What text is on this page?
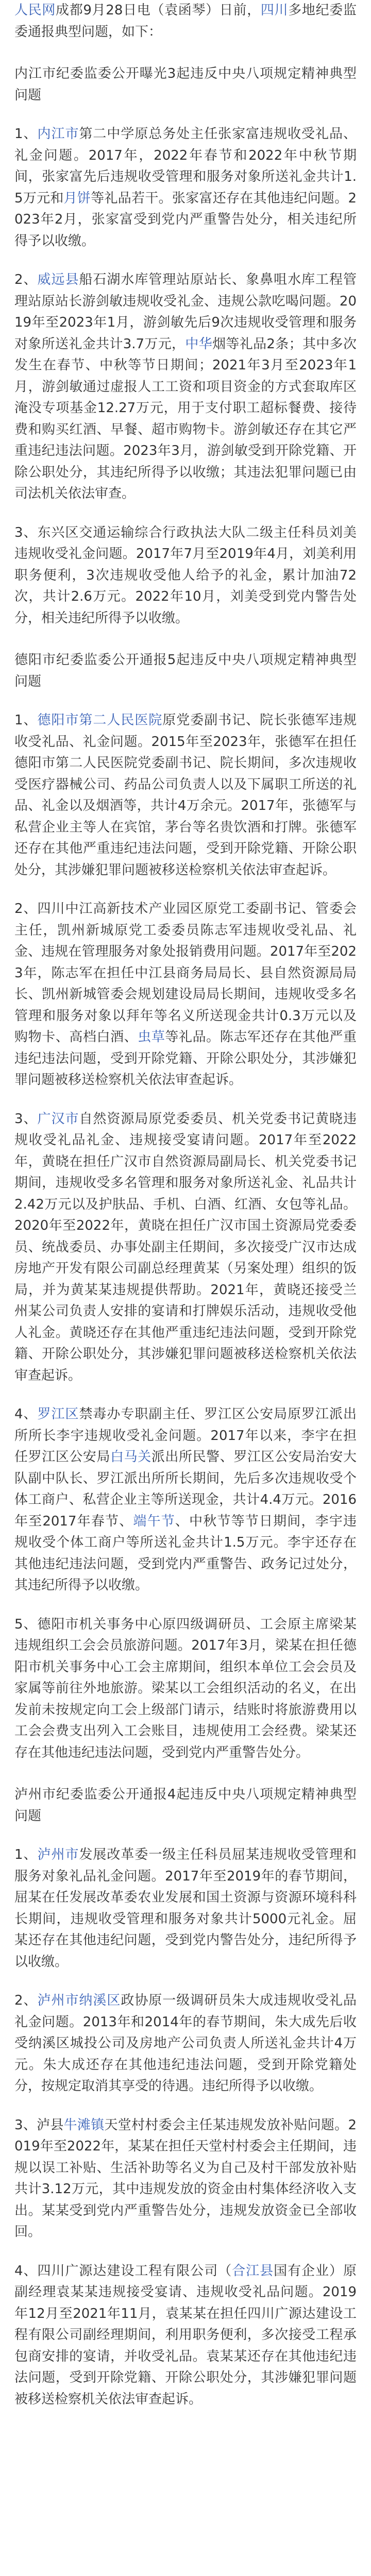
人民网成都9月28日电（袁函琴）日前，四川多地纪委监委通报典型问题，如下：

内江市纪委监委公开曝光3起违反中央八项规定精神典型问题

1、内江市第二中学原总务处主任张家富违规收受礼品、礼金问题。2017年，2022年春节和2022年中秋节期间，张家富先后违规收受管理和服务对象所送礼金共计1.5万元和月饼等礼品若干。张家富还存在其他违纪问题。2023年2月，张家富受到党内严重警告处分，相关违纪所得予以收缴。

2、威远县船石湖水库管理站原站长、象鼻咀水库工程管理站原站长游剑敏违规收受礼金、违规公款吃喝问题。2019年至2023年1月，游剑敏先后9次违规收受管理和服务对象所送礼金共计3.7万元，中华烟等礼品2条；其中多次发生在春节、中秋等节日期间；2021年3月至2023年1月，游剑敏通过虚报人工工资和项目资金的方式套取库区淹没专项基金12.27万元，用于支付职工超标餐费、接待费和购买红酒、早餐、超市购物卡。游剑敏还存在其它严重违纪违法问题。2023年3月，游剑敏受到开除党籍、开除公职处分，其违纪所得予以收缴；其违法犯罪问题已由司法机关依法审查。

3、东兴区交通运输综合行政执法大队二级主任科员刘美违规收受礼金问题。2017年7月至2019年4月，刘美利用职务便利，3次违规收受他人给予的礼金，累计加油72次，共计2.6万元。2022年10月，刘美受到党内警告处分，相关违纪所得予以收缴。

德阳市纪委监委公开通报5起违反中央八项规定精神典型问题

1、德阳市第二人民医院原党委副书记、院长张德军违规收受礼品、礼金问题。2015年至2023年，张德军在担任德阳市第二人民医院党委副书记、院长期间，多次违规收受医疗器械公司、药品公司负责人以及下属职工所送的礼品、礼金以及烟酒等，共计4万余元。2017年，张德军与私营企业主等人在宾馆，茅台等名贵饮酒和打牌。张德军还存在其他严重违纪违法问题，受到开除党籍、开除公职处分，其涉嫌犯罪问题被移送检察机关依法审查起诉。

2、四川中江高新技术产业园区原党工委副书记、管委会主任，凯州新城原党工委委员陈志军违规收受礼品、礼金、违规在管理服务对象处报销费用问题。2017年至2023年，陈志军在担任中江县商务局局长、县自然资源局局长、凯州新城管委会规划建设局局长期间，违规收受多名管理和服务对象以拜年等名义所送现金共计0.3万元以及购物卡、高档白酒、虫草等礼品。陈志军还存在其他严重违纪违法问题，受到开除党籍、开除公职处分，其涉嫌犯罪问题被移送检察机关依法审查起诉。

3、广汉市自然资源局原党委委员、机关党委书记黄晓违规收受礼品礼金、违规接受宴请问题。2017年至2022年，黄晓在担任广汉市自然资源局副局长、机关党委书记期间，违规收受多名管理和服务对象所送礼金、礼品共计2.42万元以及护肤品、手机、白酒、红酒、女包等礼品。2020年至2022年，黄晓在担任广汉市国土资源局党委委员、统战委员、办事处副主任期间，多次接受广汉市达成房地产开发有限公司副总经理黄某（另案处理）组织的饭局，并为黄某某违规提供帮助。2021年，黄晓还接受兰州某公司负责人安排的宴请和打牌娱乐活动，违规收受他人礼金。黄晓还存在其他严重违纪违法问题，受到开除党籍、开除公职处分，其涉嫌犯罪问题被移送检察机关依法审查起诉。

4、罗江区禁毒办专职副主任、罗江区公安局原罗江派出所所长李宇违规收受礼金问题。2017年以来，李宇在担任罗江区公安局白马关派出所民警、罗江区公安局治安大队副中队长、罗江派出所所长期间，先后多次违规收受个体工商户、私营企业主等所送现金，共计4.4万元。2016年至2017年春节、端午节、中秋节等节日期间，李宇违规收受个体工商户等所送礼金共计1.5万元。李宇还存在其他违纪违法问题，受到党内严重警告、政务记过处分，其违纪所得予以收缴。

5、德阳市机关事务中心原四级调研员、工会原主席梁某违规组织工会会员旅游问题。2017年3月，梁某在担任德阳市机关事务中心工会主席期间，组织本单位工会会员及家属等前往外地旅游。梁某以工会组织活动的名义，在出发前未按规定向工会上级部门请示，结账时将旅游费用以工会会费支出列入工会账目，违规使用工会经费。梁某还存在其他违纪违法问题，受到党内严重警告处分。

泸州市纪委监委公开通报4起违反中央八项规定精神典型问题

1、泸州市发展改革委一级主任科员屈某违规收受管理和服务对象礼品礼金问题。2017年至2019年的春节期间，屈某在任发展改革委农业发展和国土资源与资源环境科科长期间，违规收受管理和服务对象共计5000元礼金。屈某还存在其他违纪问题，受到党内警告处分，违纪所得予以收缴。

2、泸州市纳溪区政协原一级调研员朱大成违规收受礼品礼金问题。2013年和2014年的春节期间，朱大成先后收受纳溪区城投公司及房地产公司负责人所送礼金共计4万元。朱大成还存在其他违纪违法问题，受到开除党籍处分，按规定取消其享受的待遇。违纪所得予以收缴。

3、泸县牛滩镇天堂村村委会主任某违规发放补贴问题。2019年至2022年，某某在担任天堂村村委会主任期间，违规以误工补贴、生活补助等名义为自己及村干部发放补贴共计3.12万元，其中违规发放的资金由村集体经济收入支出。某某受到党内严重警告处分，违规发放资金已全部收回。

4、四川广源达建设工程有限公司（合江县国有企业）原副经理袁某某违规接受宴请、违规收受礼品问题。2019年12月至2021年11月，袁某某在担任四川广源达建设工程有限公司副经理期间，利用职务便利，多次接受工程承包商安排的宴请，并收受礼品。袁某某还存在其他违纪违法问题，受到开除党籍、开除公职处分，其涉嫌犯罪问题被移送检察机关依法审查起诉。
